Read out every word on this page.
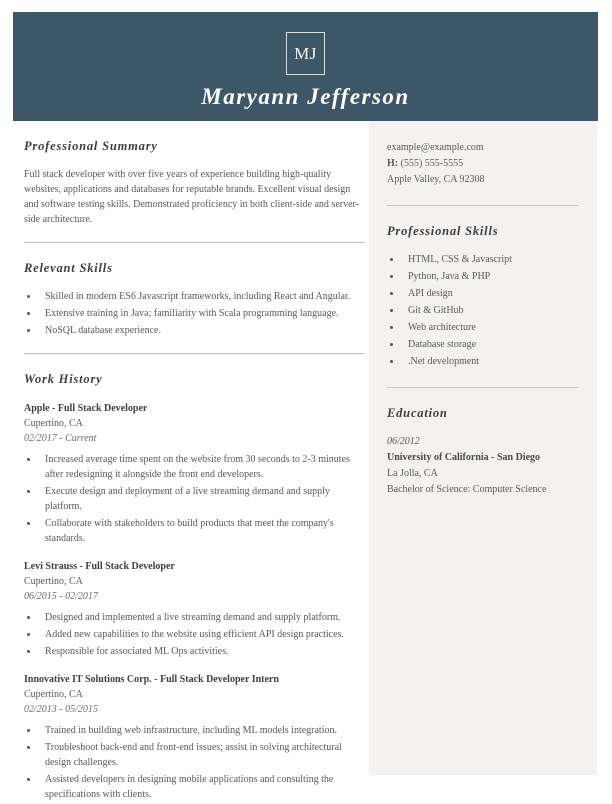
MJ
Maryann Jefferson
Professional Summary
Full stack developer with over five years of experience building high-quality websites, applications and databases for reputable brands. Excellent visual design and software testing skills. Demonstrated proficiency in both client-side and server-side architecture.
Relevant Skills
• Skilled in modern ES6 Javascript frameworks, including React and Angular.
• Extensive training in Java; familiarity with Scala programming language.
• NoSQL database experience.
Work History
Apple - Full Stack Developer
Cupertino, CA
02/2017 - Current
• Increased average time spent on the website from 30 seconds to 2-3 minutes after redesigning it alongside the front end developers.
• Execute design and deployment of a live streaming demand and supply platform.
• Collaborate with stakeholders to build products that meet the company's standards.
Levi Strauss - Full Stack Developer
Cupertino, CA
06/2015 - 02/2017
• Designed and implemented a live streaming demand and supply platform.
• Added new capabilities to the website using efficient API design practices.
• Responsible for associated ML Ops activities.
Innovative IT Solutions Corp. - Full Stack Developer Intern
Cupertino, CA
02/2013 - 05/2015
• Trained in building web infrastructure, including ML models integration.
• Troubleshoot back-end and front-end issues; assist in solving architectural design challenges.
• Assisted developers in designing mobile applications and consulting the specifications with clients.
example@example.com
H: (555) 555-5555
Apple Valley, CA 92308
Professional Skills
• HTML, CSS & Javascript
• Python, Java & PHP
• API design
• Git & GitHub
• Web architecture
• Database storage
• .Net development
Education
06/2012
University of California - San Diego
La Jolla, CA
Bachelor of Science: Computer Science
